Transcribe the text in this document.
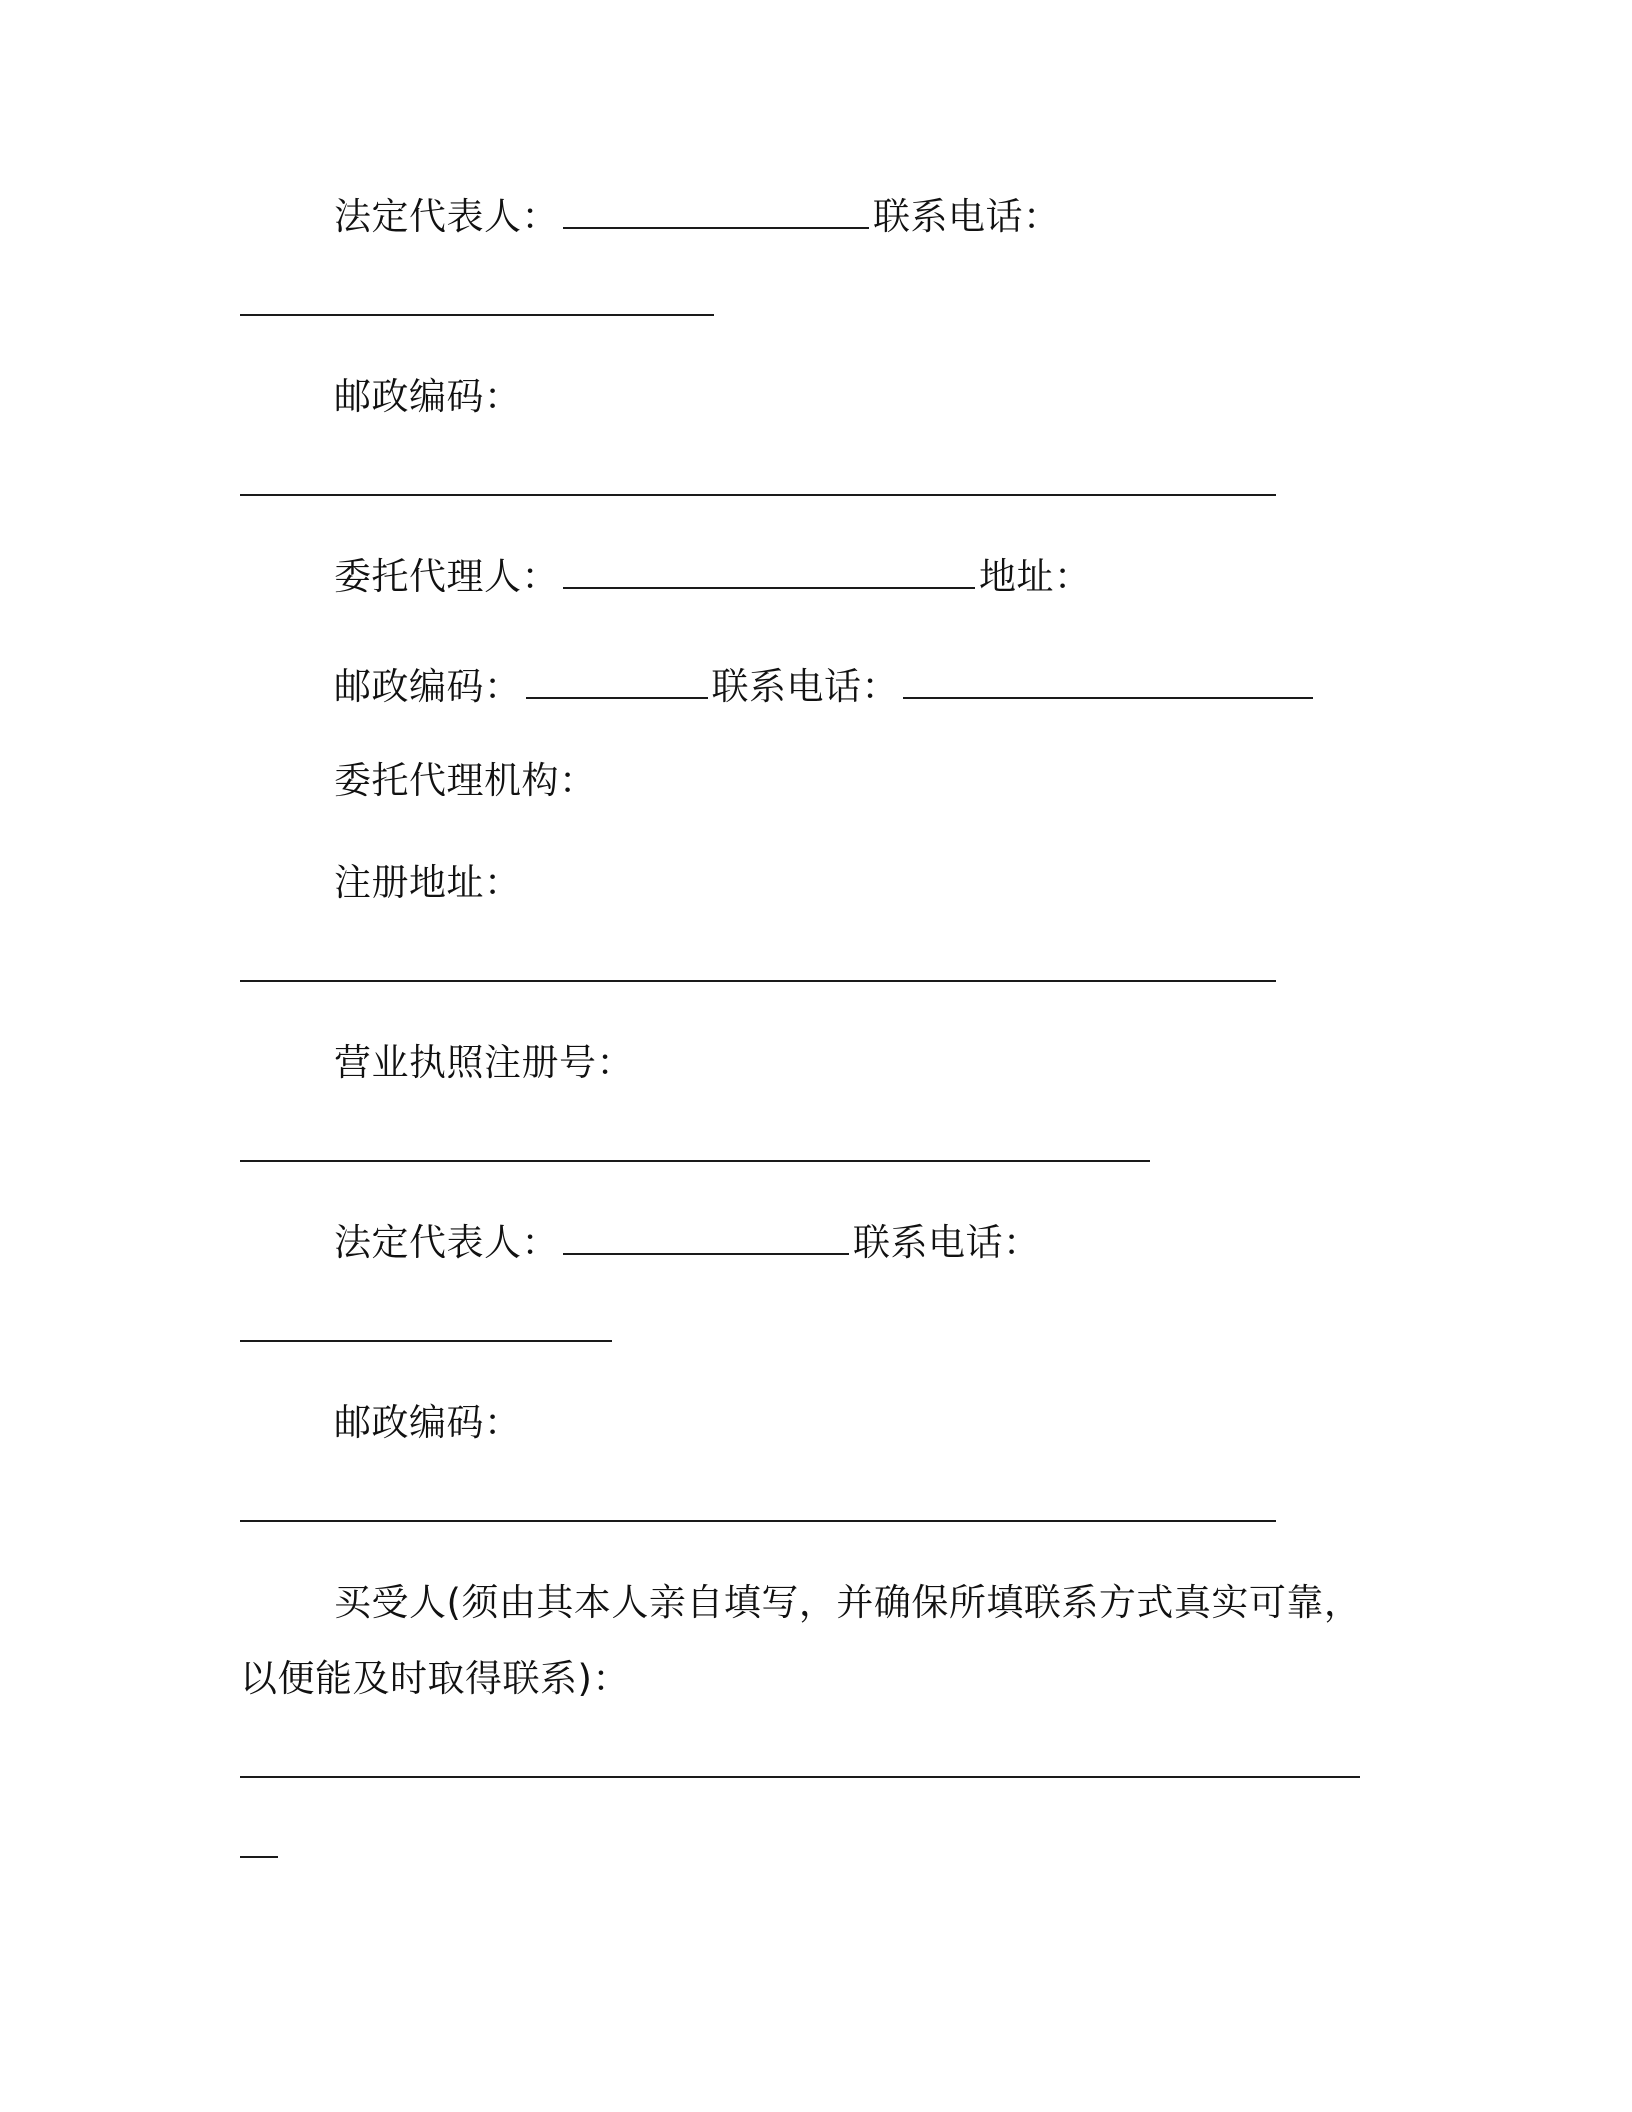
法定代表人：	联系电话：
邮政编码：
委托代理人：	地址：
邮政编码：	联系电话：
委托代理机构：
注册地址：
营业执照注册号：
法定代表人：	联系电话：
邮政编码：
买受人(须由其本人亲自填写，并确保所填联系方式真实可靠，
以便能及时取得联系)：
